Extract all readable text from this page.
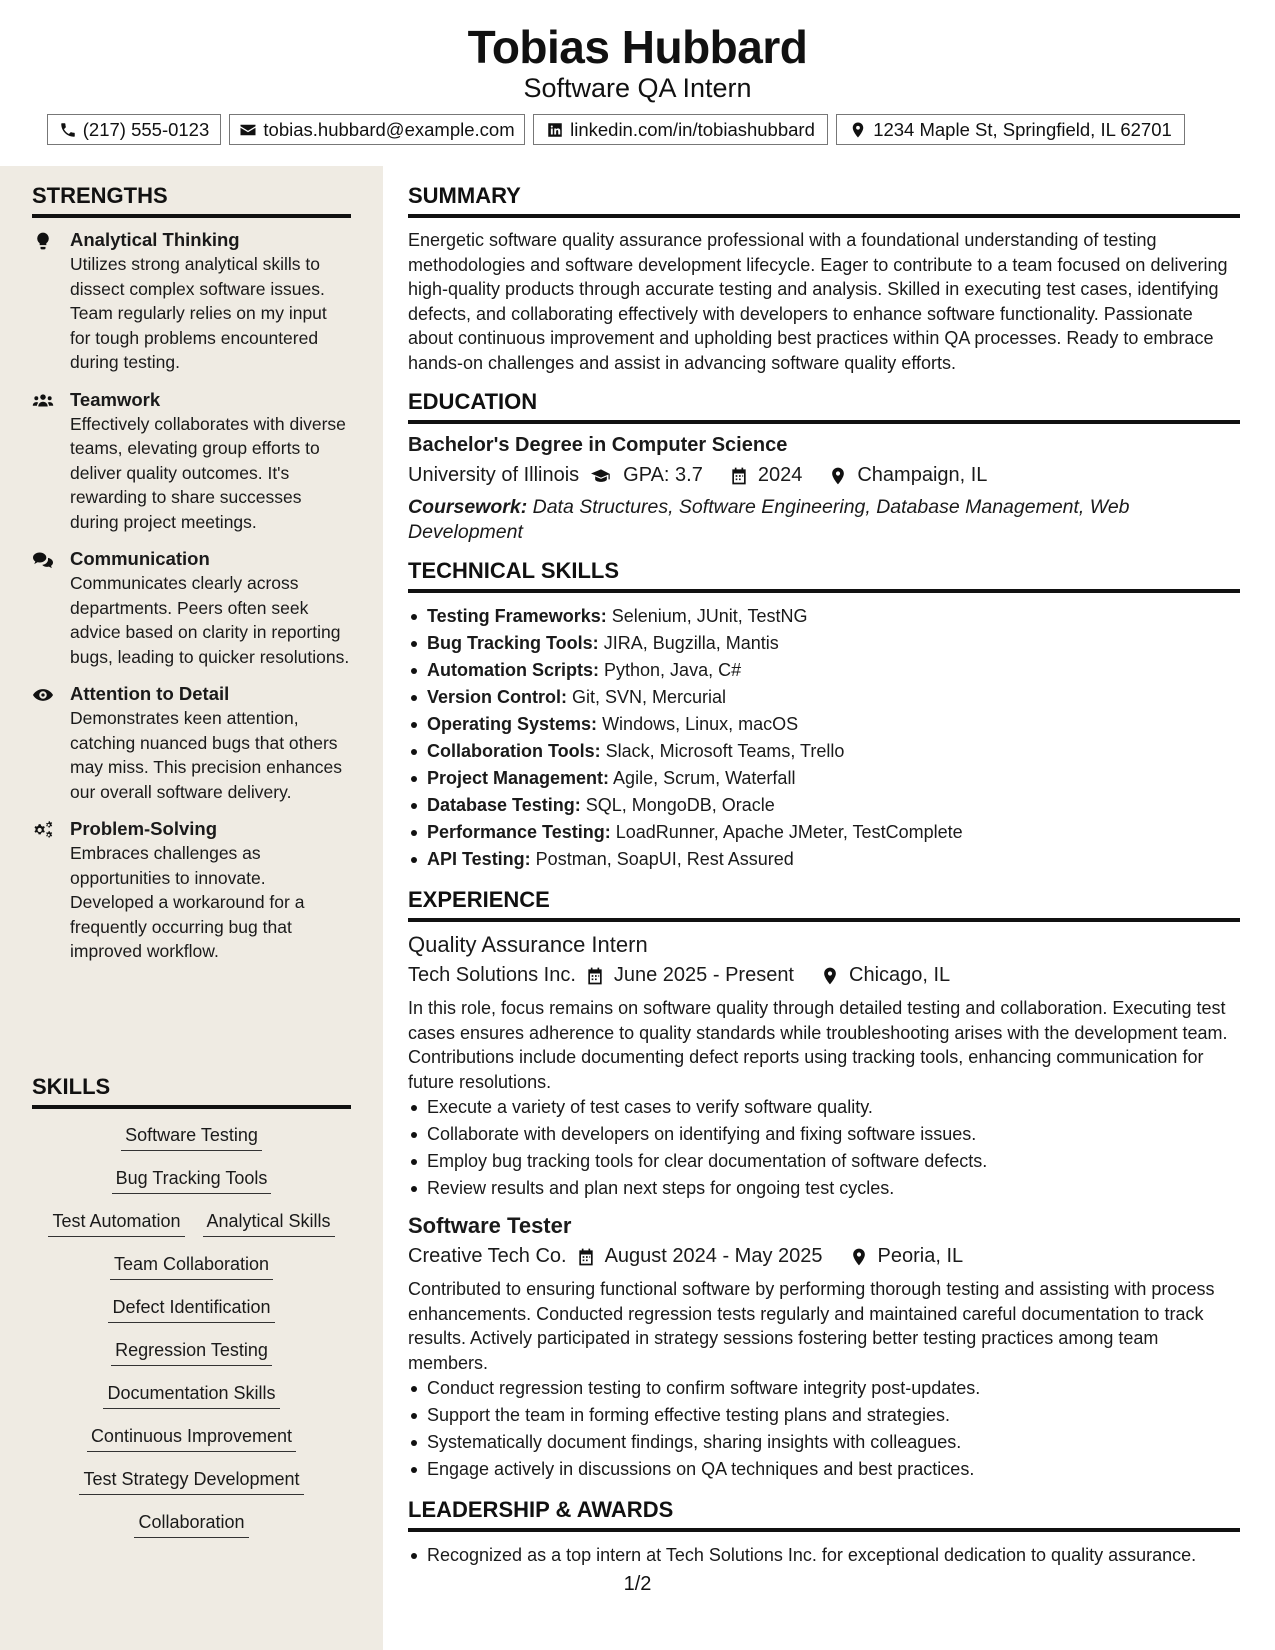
Tobias Hubbard
Software QA Intern
(217) 555-0123	tobias.hubbard@example.com	linkedin.com/in/tobiashubbard	1234 Maple St, Springfield, IL 62701
STRENGTHS
Analytical Thinking
Utilizes strong analytical skills to dissect complex software issues. Team regularly relies on my input for tough problems encountered during testing.
Teamwork
Effectively collaborates with diverse teams, elevating group efforts to deliver quality outcomes. It's rewarding to share successes during project meetings.
Communication
Communicates clearly across departments. Peers often seek advice based on clarity in reporting bugs, leading to quicker resolutions.
Attention to Detail
Demonstrates keen attention, catching nuanced bugs that others may miss. This precision enhances our overall software delivery.
Problem-Solving
Embraces challenges as opportunities to innovate. Developed a workaround for a frequently occurring bug that improved workflow.
SKILLS
Software Testing
Bug Tracking Tools
Test Automation Analytical Skills
Team Collaboration
Defect Identification
Regression Testing
Documentation Skills
Continuous Improvement
Test Strategy Development
Collaboration
SUMMARY
Energetic software quality assurance professional with a foundational understanding of testing methodologies and software development lifecycle. Eager to contribute to a team focused on delivering high-quality products through accurate testing and analysis. Skilled in executing test cases, identifying defects, and collaborating effectively with developers to enhance software functionality. Passionate about continuous improvement and upholding best practices within QA processes. Ready to embrace hands-on challenges and assist in advancing software quality efforts.
EDUCATION
Bachelor's Degree in Computer Science
University of Illinois GPA: 3.7	2024	Champaign, IL
Coursework: Data Structures, Software Engineering, Database Management, Web Development
TECHNICAL SKILLS
Testing Frameworks: Selenium, JUnit, TestNG
Bug Tracking Tools: JIRA, Bugzilla, Mantis
Automation Scripts: Python, Java, C#
Version Control: Git, SVN, Mercurial
Operating Systems: Windows, Linux, macOS
Collaboration Tools: Slack, Microsoft Teams, Trello
Project Management: Agile, Scrum, Waterfall
Database Testing: SQL, MongoDB, Oracle
Performance Testing: LoadRunner, Apache JMeter, TestComplete
API Testing: Postman, SoapUI, Rest Assured
EXPERIENCE
Quality Assurance Intern
Tech Solutions Inc. June 2025 - Present	Chicago, IL
In this role, focus remains on software quality through detailed testing and collaboration. Executing test cases ensures adherence to quality standards while troubleshooting arises with the development team. Contributions include documenting defect reports using tracking tools, enhancing communication for future resolutions.
Execute a variety of test cases to verify software quality.
Collaborate with developers on identifying and fixing software issues.
Employ bug tracking tools for clear documentation of software defects.
Review results and plan next steps for ongoing test cycles.
Software Tester
Creative Tech Co. August 2024 - May 2025	Peoria, IL
Contributed to ensuring functional software by performing thorough testing and assisting with process enhancements. Conducted regression tests regularly and maintained careful documentation to track results. Actively participated in strategy sessions fostering better testing practices among team members.
Conduct regression testing to confirm software integrity post-updates.
Support the team in forming effective testing plans and strategies.
Systematically document findings, sharing insights with colleagues.
Engage actively in discussions on QA techniques and best practices.
LEADERSHIP & AWARDS
Recognized as a top intern at Tech Solutions Inc. for exceptional dedication to quality assurance.
1/2
